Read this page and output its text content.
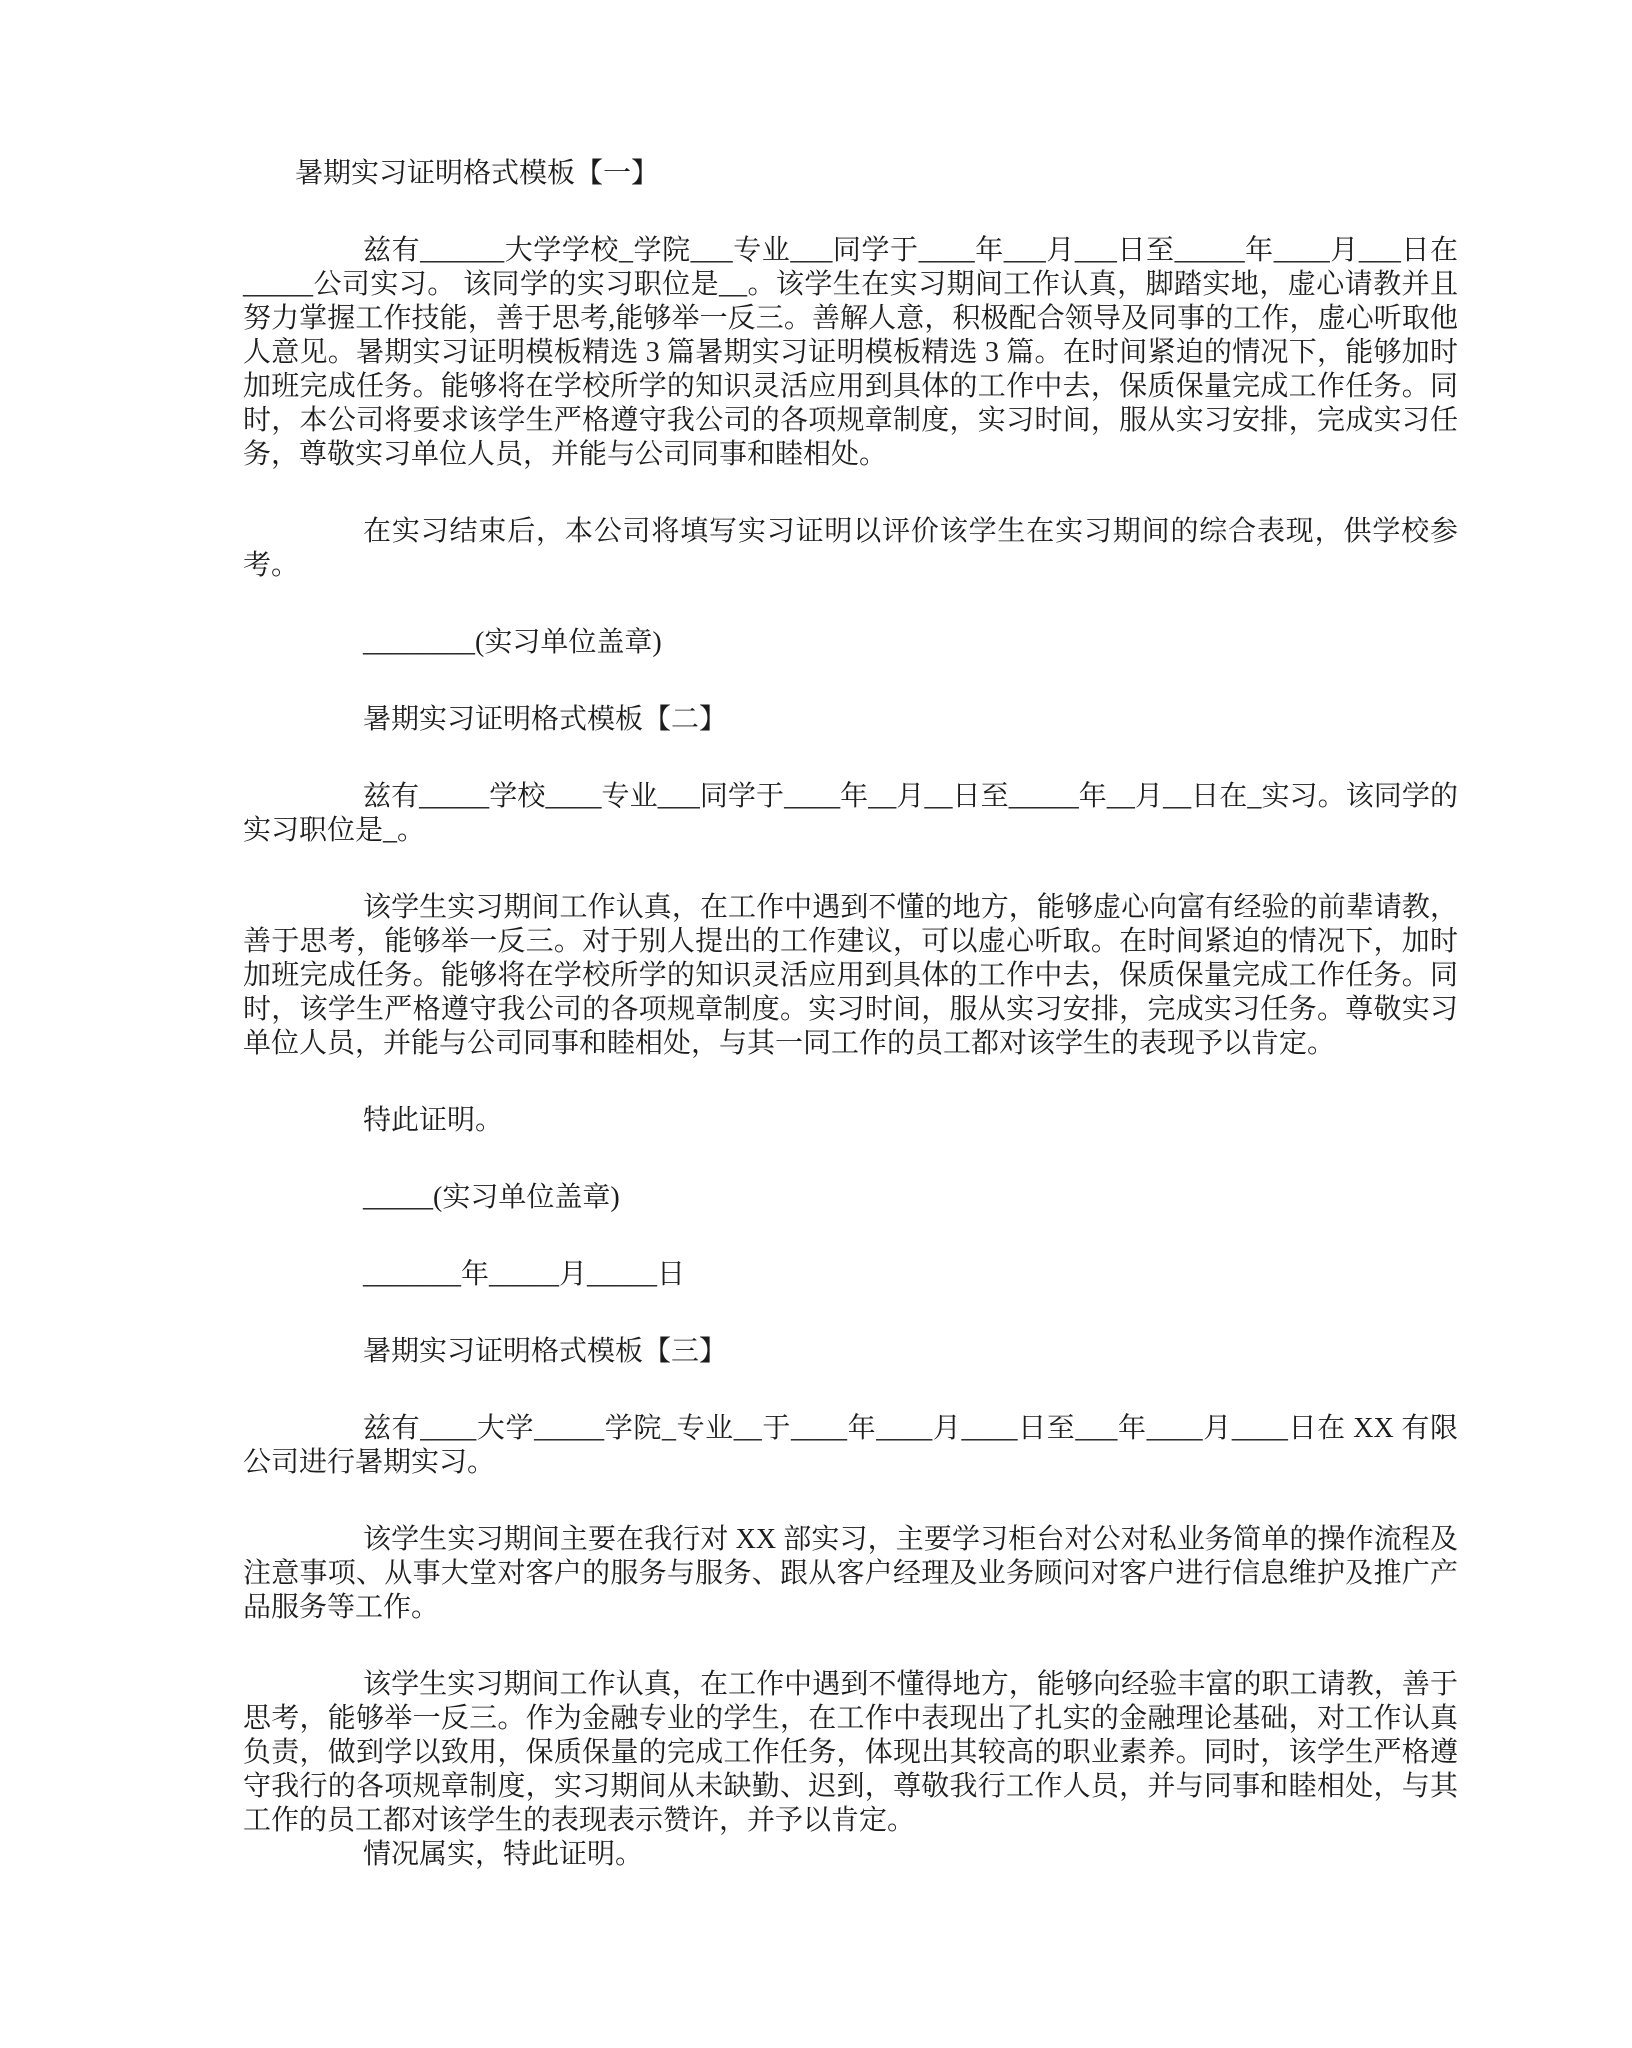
暑期实习证明格式模板【一】

兹有______大学学校_学院___专业___同学于____年___月___日至_____年____月___日在 _____公司实习。 该同学的实习职位是__。该学生在实习期间工作认真，脚踏实地，虚心请教并且努力掌握工作技能，善于思考,能够举一反三。善解人意，积极配合领导及同事的工作，虚心听取他人意见。暑期实习证明模板精选 3 篇暑期实习证明模板精选 3 篇。在时间紧迫的情况下，能够加时加班完成任务。能够将在学校所学的知识灵活应用到具体的工作中去，保质保量完成工作任务。同时，本公司将要求该学生严格遵守我公司的各项规章制度，实习时间，服从实习安排，完成实习任务，尊敬实习单位人员，并能与公司同事和睦相处。

在实习结束后，本公司将填写实习证明以评价该学生在实习期间的综合表现，供学校参考。

________(实习单位盖章)

暑期实习证明格式模板【二】

兹有_____学校____专业___同学于____年__月__日至_____年__月__日在_实习。该同学的实习职位是_。

该学生实习期间工作认真，在工作中遇到不懂的地方，能够虚心向富有经验的前辈请教，善于思考，能够举一反三。对于别人提出的工作建议，可以虚心听取。在时间紧迫的情况下，加时加班完成任务。能够将在学校所学的知识灵活应用到具体的工作中去，保质保量完成工作任务。同时，该学生严格遵守我公司的各项规章制度。实习时间，服从实习安排，完成实习任务。尊敬实习单位人员，并能与公司同事和睦相处，与其一同工作的员工都对该学生的表现予以肯定。

特此证明。

_____(实习单位盖章)

_______年_____月_____日

暑期实习证明格式模板【三】

兹有____大学_____学院_专业__于____年____月____日至___年____月____日在 XX 有限公司进行暑期实习。

该学生实习期间主要在我行对 XX 部实习，主要学习柜台对公对私业务简单的操作流程及注意事项、从事大堂对客户的服务与服务、跟从客户经理及业务顾问对客户进行信息维护及推广产品服务等工作。

该学生实习期间工作认真，在工作中遇到不懂得地方，能够向经验丰富的职工请教，善于思考，能够举一反三。作为金融专业的学生，在工作中表现出了扎实的金融理论基础，对工作认真负责，做到学以致用，保质保量的完成工作任务，体现出其较高的职业素养。同时，该学生严格遵守我行的各项规章制度，实习期间从未缺勤、迟到，尊敬我行工作人员，并与同事和睦相处，与其工作的员工都对该学生的表现表示赞许，并予以肯定。

情况属实，特此证明。
